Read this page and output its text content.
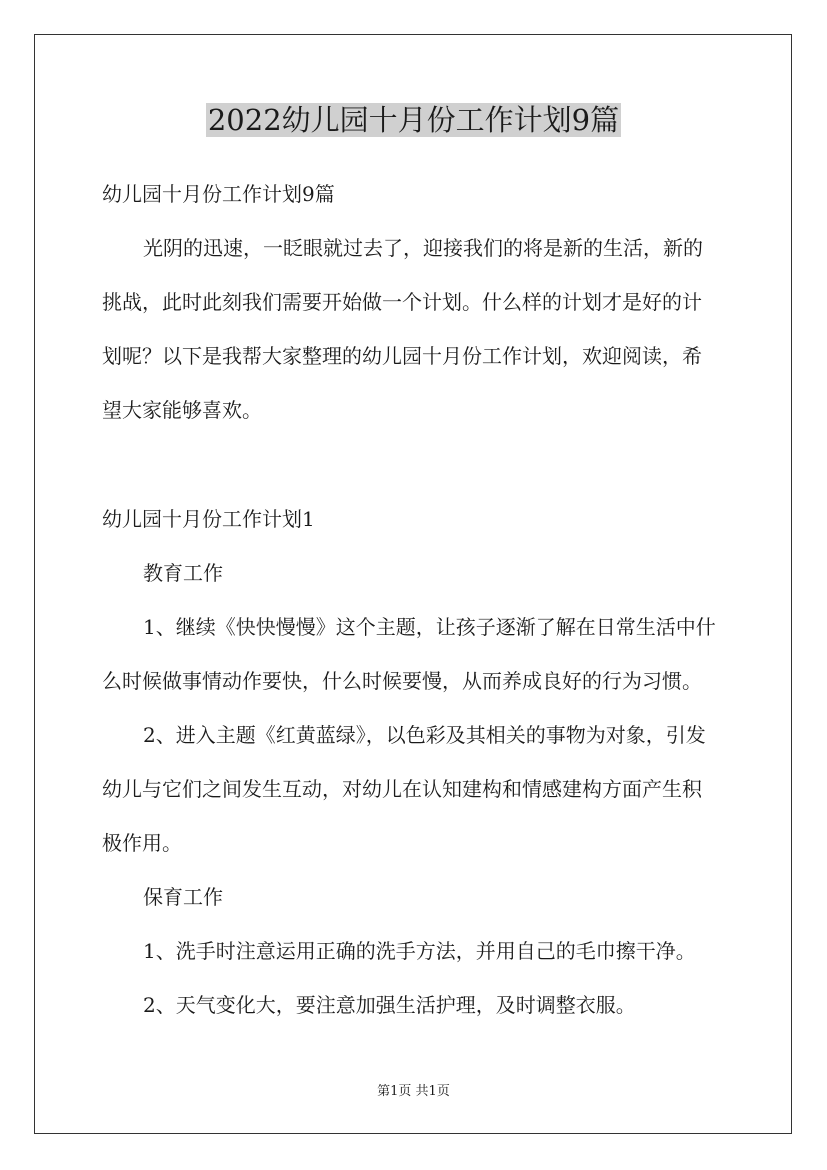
2022幼儿园十月份工作计划9篇
幼儿园十月份工作计划9篇
光阴的迅速，一眨眼就过去了，迎接我们的将是新的生活，新的
挑战，此时此刻我们需要开始做一个计划。什么样的计划才是好的计
划呢？以下是我帮大家整理的幼儿园十月份工作计划，欢迎阅读，希
望大家能够喜欢。
幼儿园十月份工作计划1
教育工作
1、继续《快快慢慢》这个主题，让孩子逐渐了解在日常生活中什
么时候做事情动作要快，什么时候要慢，从而养成良好的行为习惯。
2、进入主题《红黄蓝绿》，以色彩及其相关的事物为对象，引发
幼儿与它们之间发生互动，对幼儿在认知建构和情感建构方面产生积
极作用。
保育工作
1、洗手时注意运用正确的洗手方法，并用自己的毛巾擦干净。
2、天气变化大，要注意加强生活护理，及时调整衣服。
第1页 共1页
